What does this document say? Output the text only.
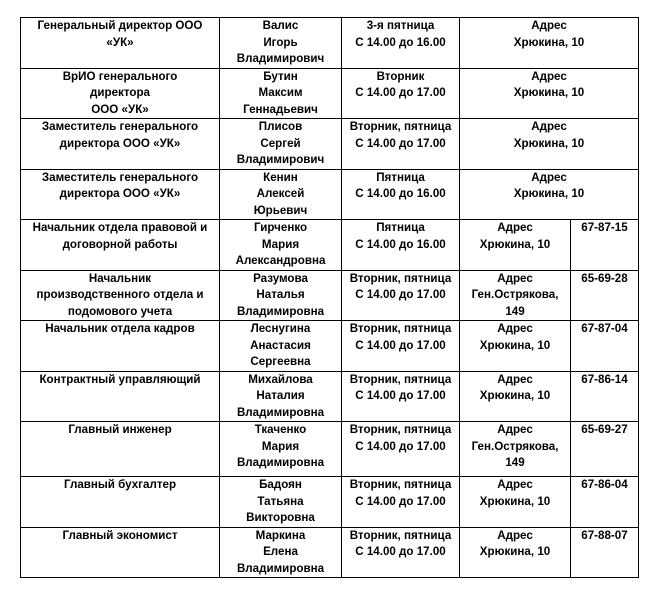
Генеральный директор ООО
«УК»	Валис
Игорь
Владимирович	3-я пятница
С 14.00 до 16.00	Адрес
Хрюкина, 10	

ВрИО генерального
директора
ООО «УК»	Бутин
Максим
Геннадьевич	Вторник
С 14.00 до 17.00	Адрес
Хрюкина, 10	

Заместитель генерального
директора ООО «УК»	Плисов
Сергей
Владимирович	Вторник, пятница
С 14.00 до 17.00	Адрес
Хрюкина, 10	

Заместитель генерального
директора ООО «УК»	Кенин
Алексей
Юрьевич	Пятница
С 14.00 до 16.00	Адрес
Хрюкина, 10	

Начальник отдела правовой и
договорной работы	Гирченко
Мария
Александровна	Пятница
С 14.00 до 16.00	Адрес
Хрюкина, 10	67-87-15

Начальник
производственного отдела и
подомового учета	Разумова
Наталья
Владимировна	Вторник, пятница
С 14.00 до 17.00	Адрес
Ген.Острякова,
149	65-69-28

Начальник отдела кадров	Леснугина
Анастасия
Сергеевна	Вторник, пятница
С 14.00 до 17.00	Адрес
Хрюкина, 10	67-87-04

Контрактный управляющий	Михайлова
Наталия
Владимировна	Вторник, пятница
С 14.00 до 17.00	Адрес
Хрюкина, 10	67-86-14

Главный инженер	Ткаченко
Мария
Владимировна	Вторник, пятница
С 14.00 до 17.00	Адрес
Ген.Острякова,
149	65-69-27

Главный бухгалтер	Бадоян
Татьяна
Викторовна	Вторник, пятница
С 14.00 до 17.00	Адрес
Хрюкина, 10	67-86-04

Главный экономист	Маркина
Елена
Владимировна	Вторник, пятница
С 14.00 до 17.00	Адрес
Хрюкина, 10	67-88-07
